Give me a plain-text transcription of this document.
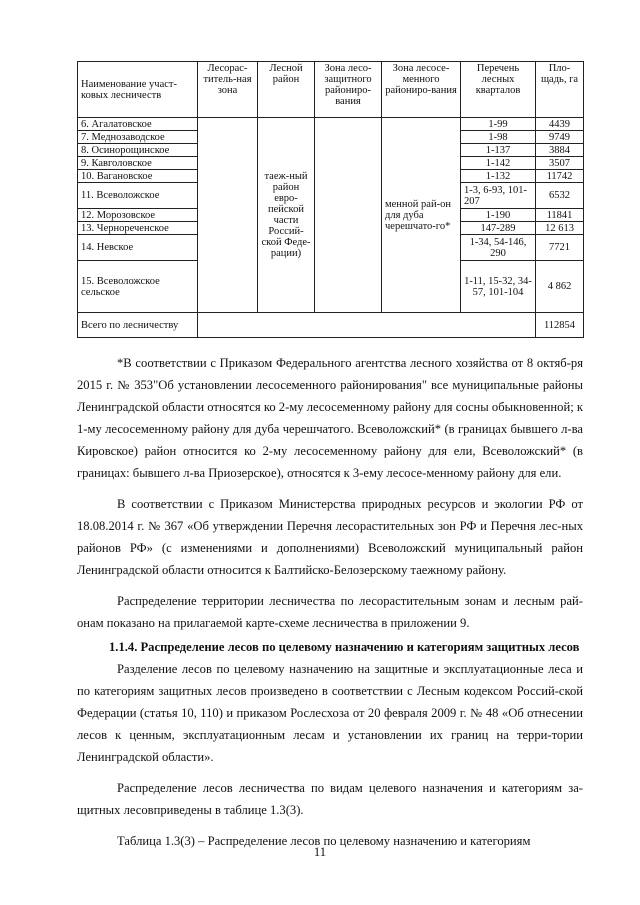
Наименование участ-ковых лесничеств	Лесорас-титель-ная зона	Лесной район	Зона лесо-защитного райониро-вания	Зона лесосе-менного райониро-вания	Перечень лесных кварталов	Пло-щадь, га
6. Агалатовское		таеж-ный район евро-пейской части Россий-ской Феде-рации)		менной рай-он для дуба черешчато-го*	1-99	4439
7. Меднозаводское					1-98	9749
8. Осинорощинское					1-137	3884
9. Кавголовское					1-142	3507
10. Вагановское					1-132	11742
11. Всеволожское					1-3, 6-93, 101-207	6532
12. Морозовское					1-190	11841
13. Чернореченское					147-289	12 613
14. Невское					1-34, 54-146, 290	7721
15. Всеволожское сельское					1-11, 15-32, 34-57, 101-104	4 862
Всего по лесничеству						112854

*В соответствии с Приказом Федерального агентства лесного хозяйства от 8 октяб-ря 2015 г. № 353"Об установлении лесосеменного районирования" все муниципальные районы Ленинградской области относятся ко 2-му лесосеменному району для сосны обыкновенной; к 1-му лесосеменному району для дуба черешчатого. Всеволожский* (в границах бывшего л-ва Кировское) район относится ко 2-му лесосеменному району для ели, Всеволожский* (в границах: бывшего л-ва Приозерское), относятся к 3-ему лесосе-менному району для ели.

В соответствии с Приказом Министерства природных ресурсов и экологии РФ от 18.08.2014 г. № 367 «Об утверждении Перечня лесорастительных зон РФ и Перечня лес-ных районов РФ» (с изменениями и дополнениями) Всеволожский муниципальный район Ленинградской области относится к Балтийско-Белозерскому таежному району.

Распределение территории лесничества по лесорастительным зонам и лесным рай-онам показано на прилагаемой карте-схеме лесничества в приложении 9.

1.1.4. Распределение лесов по целевому назначению и категориям защитных лесов

Разделение лесов по целевому назначению на защитные и эксплуатационные леса и по категориям защитных лесов произведено в соответствии с Лесным кодексом Россий-ской Федерации (статья 10, 110) и приказом Рослесхоза от 20 февраля 2009 г. № 48 «Об отнесении лесов к ценным, эксплуатационным лесам и установлении их границ на терри-тории Ленинградской области».

Распределение лесов лесничества по видам целевого назначения и категориям за-щитных лесовприведены в таблице 1.3(3).

Таблица 1.3(3) – Распределение лесов по целевому назначению и категориям

11
